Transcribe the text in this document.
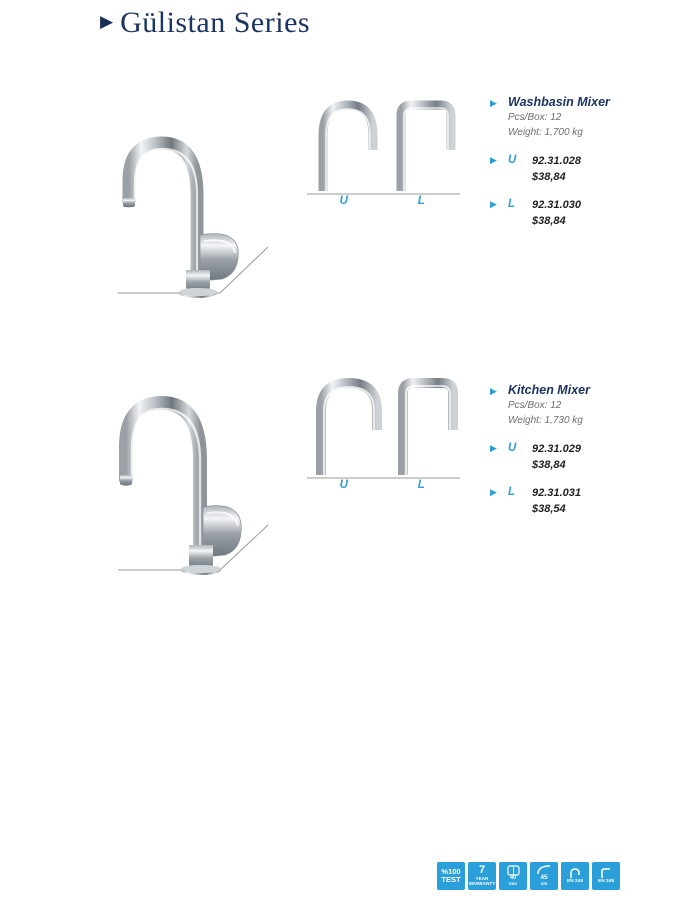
▶ Gülistan Series
U	L
▶ Washbasin Mixer
Pcs/Box: 12
Weight: 1,700 kg
▶ U	92.31.028
$38,84
▶ L	92.31.030
$38,84
U	L
▶ Kitchen Mixer
Pcs/Box: 12
Weight: 1,730 kg
▶ U	92.31.029
$38,84
▶ L	92.31.031
$38,54
%100
TEST
7
YEAR WARRANTY
40
mm
45
cm	EN 248	EN 248
